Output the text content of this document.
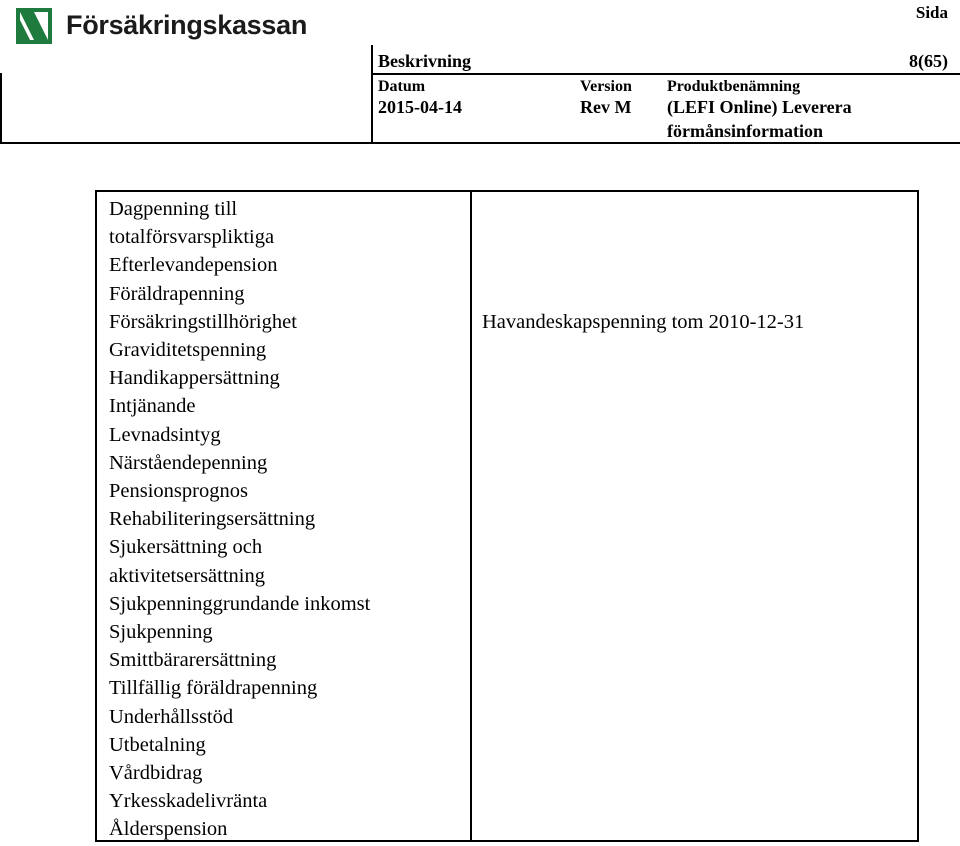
Försäkringskassan	Sida
Beskrivning	8(65)
Datum
2015-04-14
Version
Rev M
Produktbenämning
(LEFI Online) Leverera
förmånsinformation
Dagpenning till
totalförsvarspliktiga
Efterlevandepension
Föräldrapenning
Försäkringstillhörighet
Graviditetspenning
Handikappersättning
Intjänande
Levnadsintyg
Närståendepenning
Pensionsprognos
Rehabiliteringsersättning
Sjukersättning och
aktivitetsersättning
Sjukpenninggrundande inkomst
Sjukpenning
Smittbärarersättning
Tillfällig föräldrapenning
Underhållsstöd
Utbetalning
Vårdbidrag
Yrkesskadelivränta
Ålderspension
Havandeskapspenning tom 2010-12-31
